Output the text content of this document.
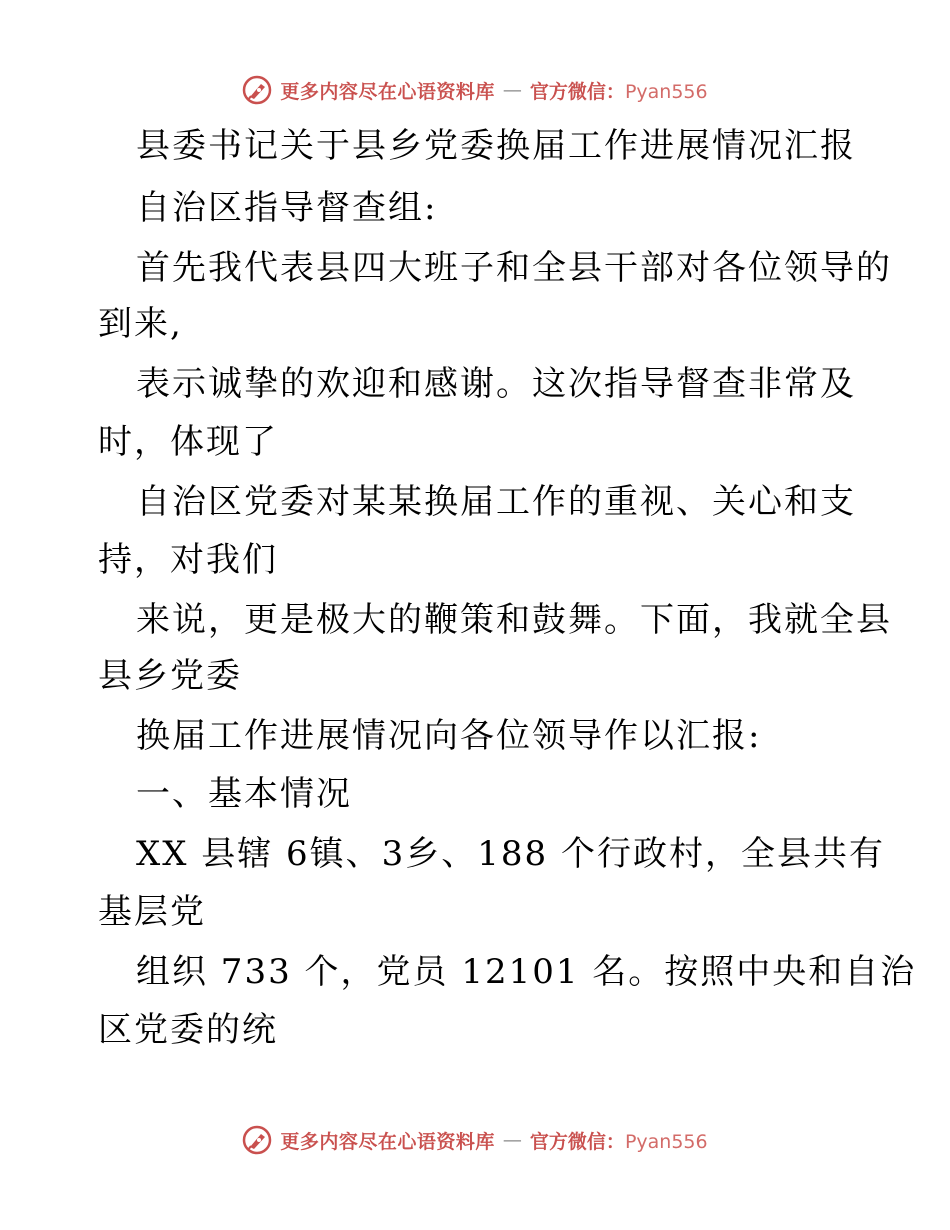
更多内容尽在心语资料库 — 官方微信：Pyan556
县委书记关于县乡党委换届工作进展情况汇报
自治区指导督查组:
首先我代表县四大班子和全县干部对各位领导的
到来,
表示诚挚的欢迎和感谢。这次指导督查非常及
时，体现了
自治区党委对某某换届工作的重视、关心和支
持，对我们
来说，更是极大的鞭策和鼓舞。下面，我就全县
县乡党委
换届工作进展情况向各位领导作以汇报:
一、基本情况
XX 县辖 6镇、3乡、188 个行政村，全县共有
基层党
组织 733 个，党员 12101 名。按照中央和自治
区党委的统
更多内容尽在心语资料库 — 官方微信：Pyan556
